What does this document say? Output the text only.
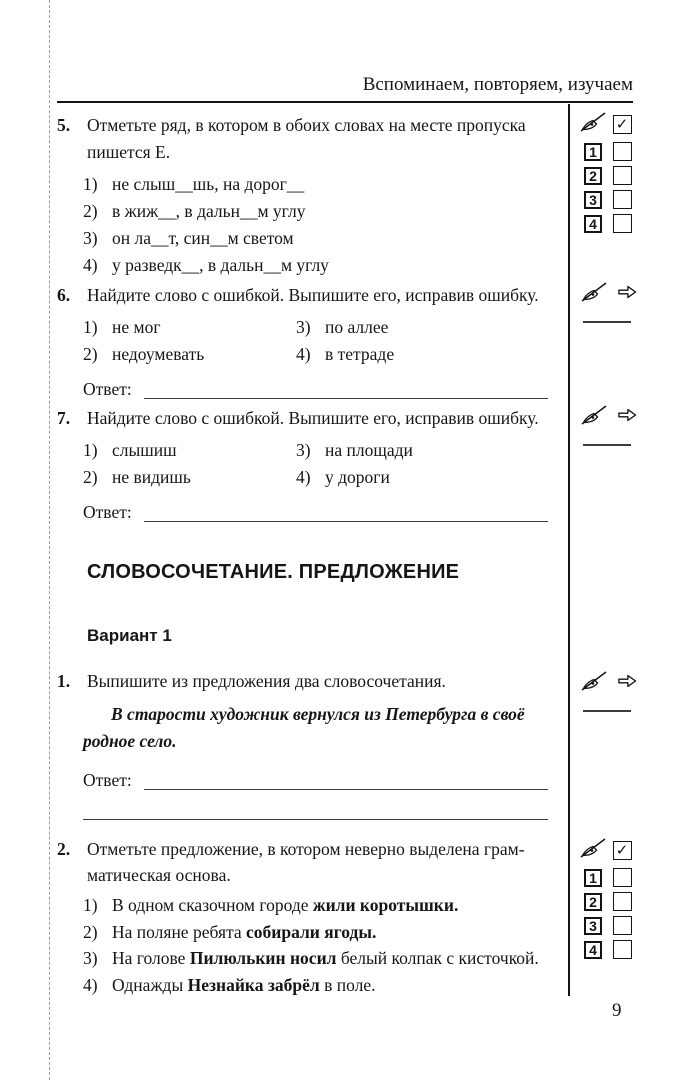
Вспоминаем, повторяем, изучаем
5. Отметьте ряд, в котором в обоих словах на месте пропуска пишется Е.
1) не слыш__шь, на дорог__
2) в жиж__, в дальн__м углу
3) он ла__т, син__м светом
4) у разведк__, в дальн__м углу
6. Найдите слово с ошибкой. Выпишите его, исправив ошибку.
1) не мог	3) по аллее
2) недоумевать	4) в тетраде
Ответ:
7. Найдите слово с ошибкой. Выпишите его, исправив ошибку.
1) слышиш	3) на площади
2) не видишь	4) у дороги
Ответ:
СЛОВОСОЧЕТАНИЕ. ПРЕДЛОЖЕНИЕ
Вариант 1
1. Выпишите из предложения два словосочетания.
В старости художник вернулся из Петербурга в своё родное село.
Ответ:
2. Отметьте предложение, в котором неверно выделена грамматическая основа.
1) В одном сказочном городе жили коротышки.
2) На поляне ребята собирали ягоды.
3) На голове Пилюлькин носил белый колпак с кисточкой.
4) Однажды Незнайка забрёл в поле.
✓
1
2
3
4
✓
1
2
3
4
9
